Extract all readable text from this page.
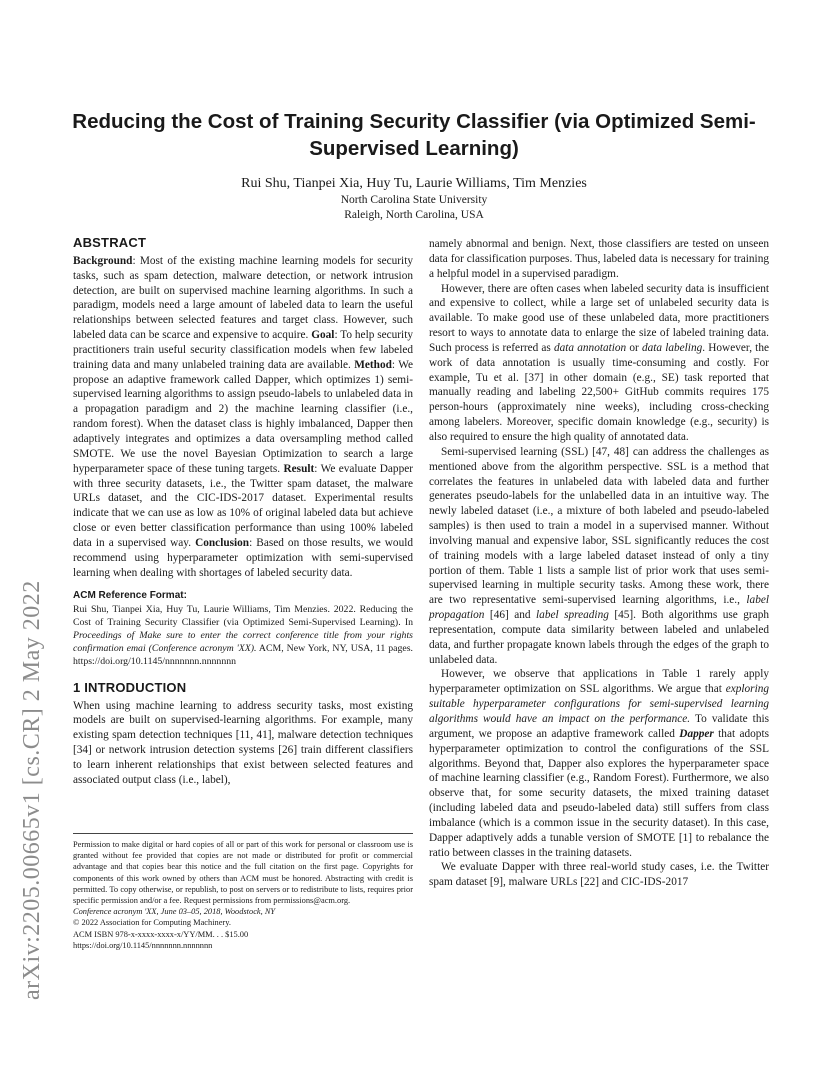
arXiv:2205.00665v1 [cs.CR] 2 May 2022
Reducing the Cost of Training Security Classifier (via Optimized Semi-Supervised Learning)
Rui Shu, Tianpei Xia, Huy Tu, Laurie Williams, Tim Menzies
North Carolina State University
Raleigh, North Carolina, USA
ABSTRACT

Background: Most of the existing machine learning models for security tasks, such as spam detection, malware detection, or network intrusion detection, are built on supervised machine learning algorithms. In such a paradigm, models need a large amount of labeled data to learn the useful relationships between selected features and target class. However, such labeled data can be scarce and expensive to acquire. Goal: To help security practitioners train useful security classification models when few labeled training data and many unlabeled training data are available. Method: We propose an adaptive framework called Dapper, which optimizes 1) semi-supervised learning algorithms to assign pseudo-labels to unlabeled data in a propagation paradigm and 2) the machine learning classifier (i.e., random forest). When the dataset class is highly imbalanced, Dapper then adaptively integrates and optimizes a data oversampling method called SMOTE. We use the novel Bayesian Optimization to search a large hyperparameter space of these tuning targets. Result: We evaluate Dapper with three security datasets, i.e., the Twitter spam dataset, the malware URLs dataset, and the CIC-IDS-2017 dataset. Experimental results indicate that we can use as low as 10% of original labeled data but achieve close or even better classification performance than using 100% labeled data in a supervised way. Conclusion: Based on those results, we would recommend using hyperparameter optimization with semi-supervised learning when dealing with shortages of labeled security data.

ACM Reference Format:

Rui Shu, Tianpei Xia, Huy Tu, Laurie Williams, Tim Menzies. 2022. Reducing the Cost of Training Security Classifier (via Optimized Semi-Supervised Learning). In Proceedings of Make sure to enter the correct conference title from your rights confirmation emai (Conference acronym 'XX). ACM, New York, NY, USA, 11 pages. https://doi.org/10.1145/nnnnnnn.nnnnnnn

1 INTRODUCTION

When using machine learning to address security tasks, most existing models are built on supervised-learning algorithms. For example, many existing spam detection techniques [11, 41], malware detection techniques [34] or network intrusion detection systems [26] train different classifiers to learn inherent relationships that exist between selected features and associated output class (i.e., label),

Permission to make digital or hard copies of all or part of this work for personal or classroom use is granted without fee provided that copies are not made or distributed for profit or commercial advantage and that copies bear this notice and the full citation on the first page. Copyrights for components of this work owned by others than ACM must be honored. Abstracting with credit is permitted. To copy otherwise, or republish, to post on servers or to redistribute to lists, requires prior specific permission and/or a fee. Request permissions from permissions@acm.org.
Conference acronym 'XX, June 03–05, 2018, Woodstock, NY
© 2022 Association for Computing Machinery.
ACM ISBN 978-x-xxxx-xxxx-x/YY/MM. . . $15.00
https://doi.org/10.1145/nnnnnnn.nnnnnnn

namely abnormal and benign. Next, those classifiers are tested on unseen data for classification purposes. Thus, labeled data is necessary for training a helpful model in a supervised paradigm.

However, there are often cases when labeled security data is insufficient and expensive to collect, while a large set of unlabeled security data is available. To make good use of these unlabeled data, more practitioners resort to ways to annotate data to enlarge the size of labeled training data. Such process is referred as data annotation or data labeling. However, the work of data annotation is usually time-consuming and costly. For example, Tu et al. [37] in other domain (e.g., SE) task reported that manually reading and labeling 22,500+ GitHub commits requires 175 person-hours (approximately nine weeks), including cross-checking among labelers. Moreover, specific domain knowledge (e.g., security) is also required to ensure the high quality of annotated data.

Semi-supervised learning (SSL) [47, 48] can address the challenges as mentioned above from the algorithm perspective. SSL is a method that correlates the features in unlabeled data with labeled data and further generates pseudo-labels for the unlabelled data in an intuitive way. The newly labeled dataset (i.e., a mixture of both labeled and pseudo-labeled samples) is then used to train a model in a supervised manner. Without involving manual and expensive labor, SSL significantly reduces the cost of training models with a large labeled dataset instead of only a tiny portion of them. Table 1 lists a sample list of prior work that uses semi-supervised learning in multiple security tasks. Among these work, there are two representative semi-supervised learning algorithms, i.e., label propagation [46] and label spreading [45]. Both algorithms use graph representation, compute data similarity between labeled and unlabeled data, and further propagate known labels through the edges of the graph to unlabeled data.

However, we observe that applications in Table 1 rarely apply hyperparameter optimization on SSL algorithms. We argue that exploring suitable hyperparameter configurations for semi-supervised learning algorithms would have an impact on the performance. To validate this argument, we propose an adaptive framework called Dapper that adopts hyperparameter optimization to control the configurations of the SSL algorithms. Beyond that, Dapper also explores the hyperparameter space of machine learning classifier (e.g., Random Forest). Furthermore, we also observe that, for some security datasets, the mixed training dataset (including labeled data and pseudo-labeled data) still suffers from class imbalance (which is a common issue in the security dataset). In this case, Dapper adaptively adds a tunable version of SMOTE [1] to rebalance the ratio between classes in the training datasets.

We evaluate Dapper with three real-world study cases, i.e. the Twitter spam dataset [9], malware URLs [22] and CIC-IDS-2017
